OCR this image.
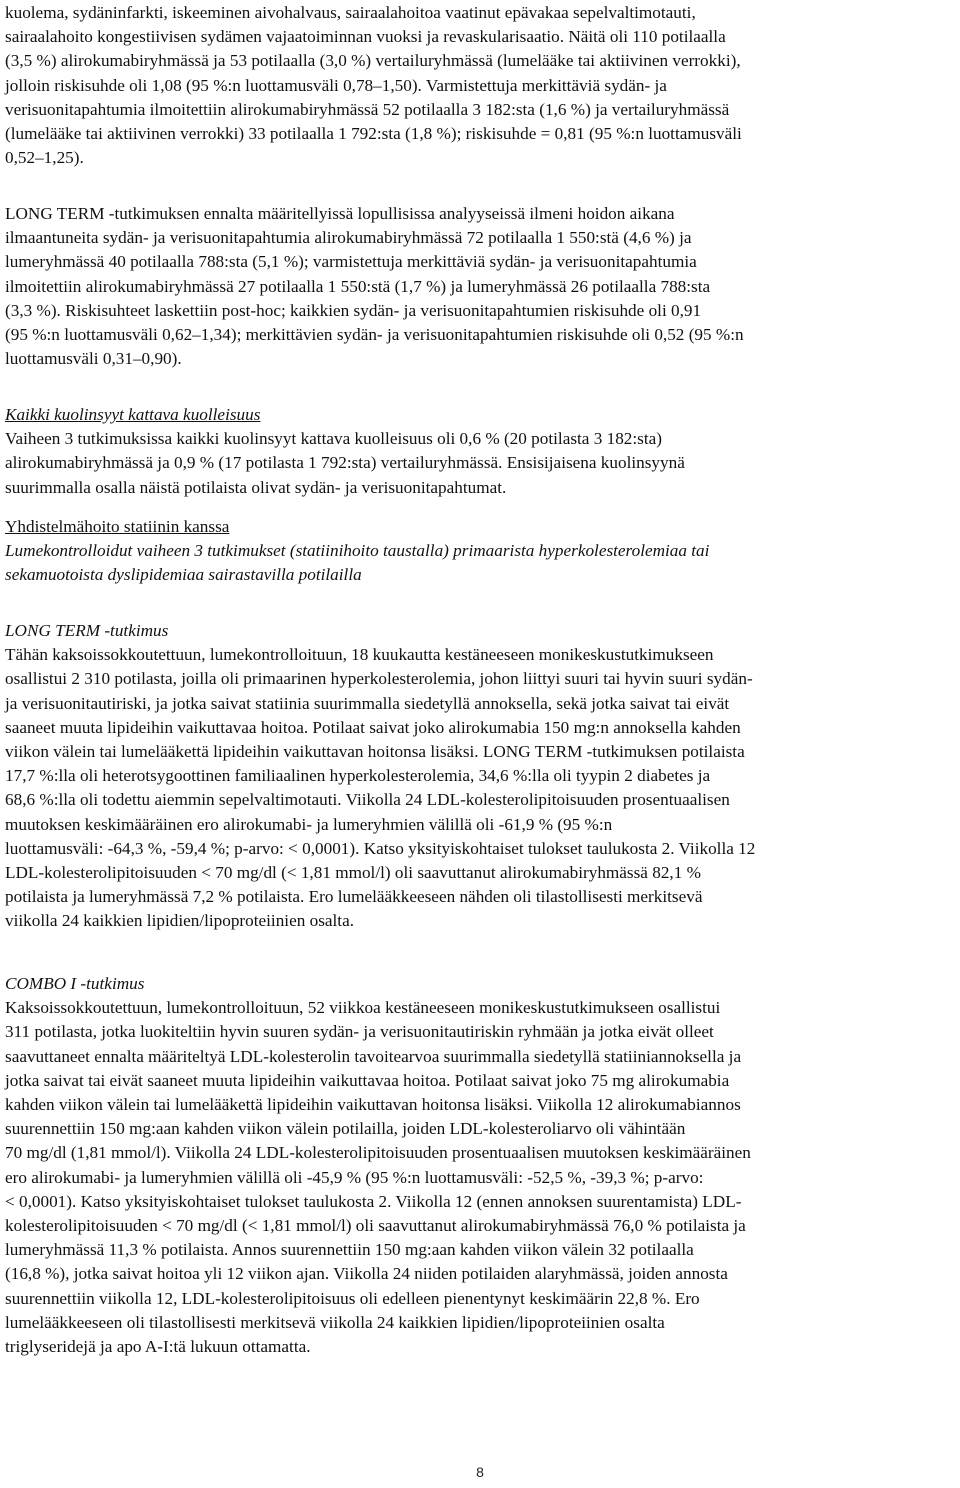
kuolema, sydäninfarkti, iskeeminen aivohalvaus, sairaalahoitoa vaatinut epävakaa sepelvaltimotauti,
sairaalahoito kongestiivisen sydämen vajaatoiminnan vuoksi ja revaskularisaatio. Näitä oli 110 potilaalla
(3,5 %) alirokumabiryhmässä ja 53 potilaalla (3,0 %) vertailuryhmässä (lumelääke tai aktiivinen verrokki),
jolloin riskisuhde oli 1,08 (95 %:n luottamusväli 0,78–1,50). Varmistettuja merkittäviä sydän- ja
verisuonitapahtumia ilmoitettiin alirokumabiryhmässä 52 potilaalla 3 182:sta (1,6 %) ja vertailuryhmässä
(lumelääke tai aktiivinen verrokki) 33 potilaalla 1 792:sta (1,8 %); riskisuhde = 0,81 (95 %:n luottamusväli
0,52–1,25).
LONG TERM -tutkimuksen ennalta määritellyissä lopullisissa analyyseissä ilmeni hoidon aikana
ilmaantuneita sydän- ja verisuonitapahtumia alirokumabiryhmässä 72 potilaalla 1 550:stä (4,6 %) ja
lumeryhmässä 40 potilaalla 788:sta (5,1 %); varmistettuja merkittäviä sydän- ja verisuonitapahtumia
ilmoitettiin alirokumabiryhmässä 27 potilaalla 1 550:stä (1,7 %) ja lumeryhmässä 26 potilaalla 788:sta
(3,3 %). Riskisuhteet laskettiin post-hoc; kaikkien sydän- ja verisuonitapahtumien riskisuhde oli 0,91
(95 %:n luottamusväli 0,62–1,34); merkittävien sydän- ja verisuonitapahtumien riskisuhde oli 0,52 (95 %:n
luottamusväli 0,31–0,90).
Kaikki kuolinsyyt kattava kuolleisuus
Vaiheen 3 tutkimuksissa kaikki kuolinsyyt kattava kuolleisuus oli 0,6 % (20 potilasta 3 182:sta)
alirokumabiryhmässä ja 0,9 % (17 potilasta 1 792:sta) vertailuryhmässä. Ensisijaisena kuolinsyynä
suurimmalla osalla näistä potilaista olivat sydän- ja verisuonitapahtumat.
Yhdistelmähoito statiinin kanssa
Lumekontrolloidut vaiheen 3 tutkimukset (statiinihoito taustalla) primaarista hyperkolesterolemiaa tai
sekamuotoista dyslipidemiaa sairastavilla potilailla
LONG TERM -tutkimus
Tähän kaksoissokkoutettuun, lumekontrolloituun, 18 kuukautta kestäneeseen monikeskustutkimukseen
osallistui 2 310 potilasta, joilla oli primaarinen hyperkolesterolemia, johon liittyi suuri tai hyvin suuri sydän-
ja verisuonitautiriski, ja jotka saivat statiinia suurimmalla siedetyllä annoksella, sekä jotka saivat tai eivät
saaneet muuta lipideihin vaikuttavaa hoitoa. Potilaat saivat joko alirokumabia 150 mg:n annoksella kahden
viikon välein tai lumelääkettä lipideihin vaikuttavan hoitonsa lisäksi. LONG TERM -tutkimuksen potilaista
17,7 %:lla oli heterotsygoottinen familiaalinen hyperkolesterolemia, 34,6 %:lla oli tyypin 2 diabetes ja
68,6 %:lla oli todettu aiemmin sepelvaltimotauti. Viikolla 24 LDL-kolesterolipitoisuuden prosentuaalisen
muutoksen keskimääräinen ero alirokumabi- ja lumeryhmien välillä oli -61,9 % (95 %:n
luottamusväli: -64,3 %, -59,4 %; p-arvo: < 0,0001). Katso yksityiskohtaiset tulokset taulukosta 2. Viikolla 12
LDL-kolesterolipitoisuuden < 70 mg/dl (< 1,81 mmol/l) oli saavuttanut alirokumabiryhmässä 82,1 %
potilaista ja lumeryhmässä 7,2 % potilaista. Ero lumelääkkeeseen nähden oli tilastollisesti merkitsevä
viikolla 24 kaikkien lipidien/lipoproteiinien osalta.
COMBO I -tutkimus
Kaksoissokkoutettuun, lumekontrolloituun, 52 viikkoa kestäneeseen monikeskustutkimukseen osallistui
311 potilasta, jotka luokiteltiin hyvin suuren sydän- ja verisuonitautiriskin ryhmään ja jotka eivät olleet
saavuttaneet ennalta määriteltyä LDL-kolesterolin tavoitearvoa suurimmalla siedetyllä statiiniannoksella ja
jotka saivat tai eivät saaneet muuta lipideihin vaikuttavaa hoitoa. Potilaat saivat joko 75 mg alirokumabia
kahden viikon välein tai lumelääkettä lipideihin vaikuttavan hoitonsa lisäksi. Viikolla 12 alirokumabiannos
suurennettiin 150 mg:aan kahden viikon välein potilailla, joiden LDL-kolesteroliarvo oli vähintään
70 mg/dl (1,81 mmol/l). Viikolla 24 LDL-kolesterolipitoisuuden prosentuaalisen muutoksen keskimääräinen
ero alirokumabi- ja lumeryhmien välillä oli -45,9 % (95 %:n luottamusväli: -52,5 %, -39,3 %; p-arvo:
< 0,0001). Katso yksityiskohtaiset tulokset taulukosta 2. Viikolla 12 (ennen annoksen suurentamista) LDL-
kolesterolipitoisuuden < 70 mg/dl (< 1,81 mmol/l) oli saavuttanut alirokumabiryhmässä 76,0 % potilaista ja
lumeryhmässä 11,3 % potilaista. Annos suurennettiin 150 mg:aan kahden viikon välein 32 potilaalla
(16,8 %), jotka saivat hoitoa yli 12 viikon ajan. Viikolla 24 niiden potilaiden alaryhmässä, joiden annosta
suurennettiin viikolla 12, LDL-kolesterolipitoisuus oli edelleen pienentynyt keskimäärin 22,8 %. Ero
lumelääkkeeseen oli tilastollisesti merkitsevä viikolla 24 kaikkien lipidien/lipoproteiinien osalta
triglyseridejä ja apo A-I:tä lukuun ottamatta.
8
